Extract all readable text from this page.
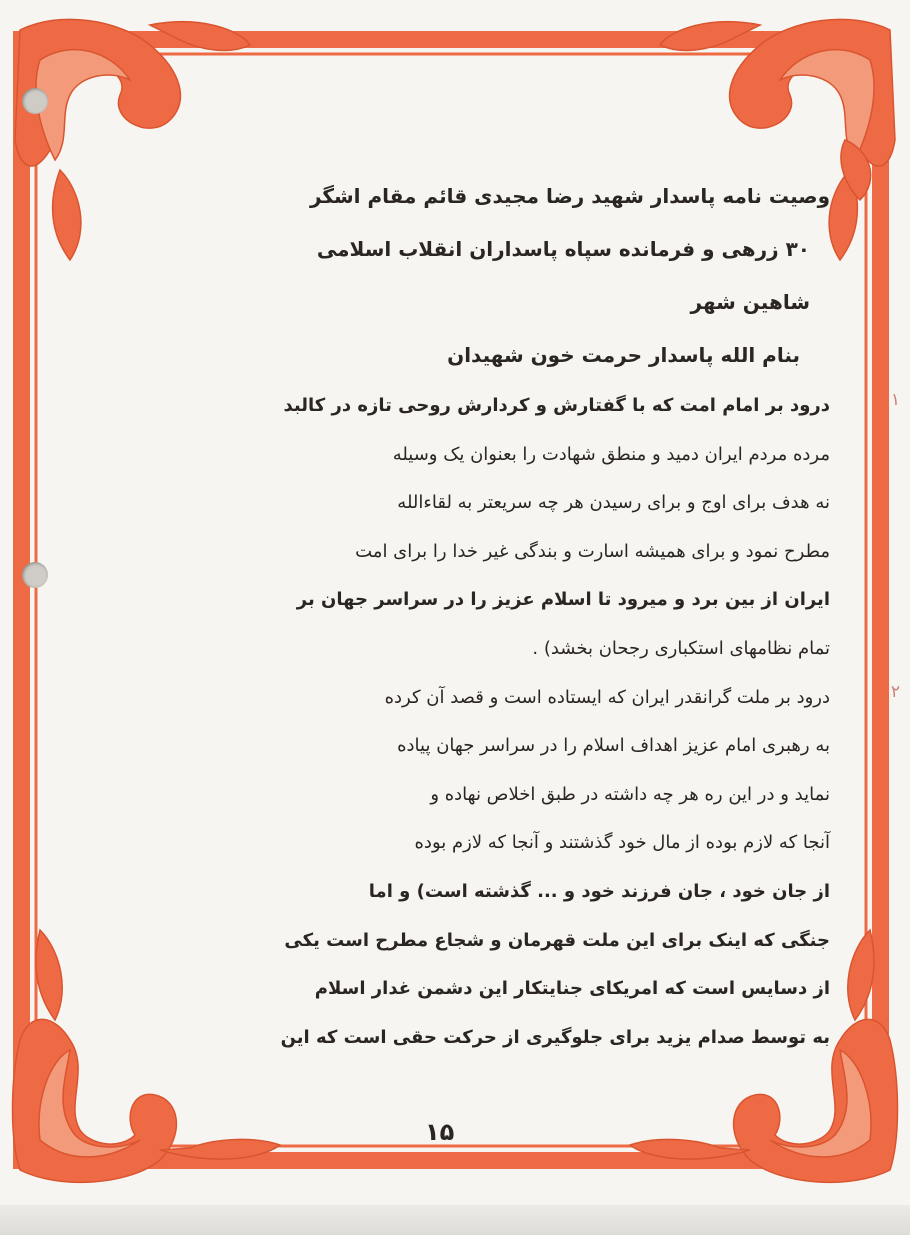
وصیت نامه پاسدار شهید رضا مجیدی قائم مقام اشگر
۳۰ زرهی و فرمانده سپاه پاسداران انقلاب اسلامی
شاهین شهر
بنام الله پاسدار حرمت خون شهیدان
۱
درود بر امام امت که با گفتارش و کردارش روحی تازه در کالبد
مرده مردم ایران دمید و منطق شهادت را بعنوان یک وسیله
نه هدف برای اوج و برای رسیدن هر چه سریعتر به لقاءالله
مطرح نمود و برای همیشه اسارت و بندگی غیر خدا را برای امت
ایران از بین برد و میرود تا اسلام عزیز را در سراسر جهان بر
تمام نظامهای استکباری رجحان بخشد) .
۲
درود بر ملت گرانقدر ایران که ایستاده است و قصد آن کرده
به رهبری امام عزیز اهداف اسلام را در سراسر جهان پیاده
نماید و در این ره هر چه داشته در طبق اخلاص نهاده و
آنجا که لازم بوده از مال خود گذشتند و آنجا که لازم بوده
از جان خود ، جان فرزند خود و ... گذشته است) و اما
جنگی که اینک برای این ملت قهرمان و شجاع مطرح است یکی
از دسایس است که امریکای جنایتکار این دشمن غدار اسلام
به توسط صدام یزید برای جلوگیری از حرکت حقی است که این
۱۵
